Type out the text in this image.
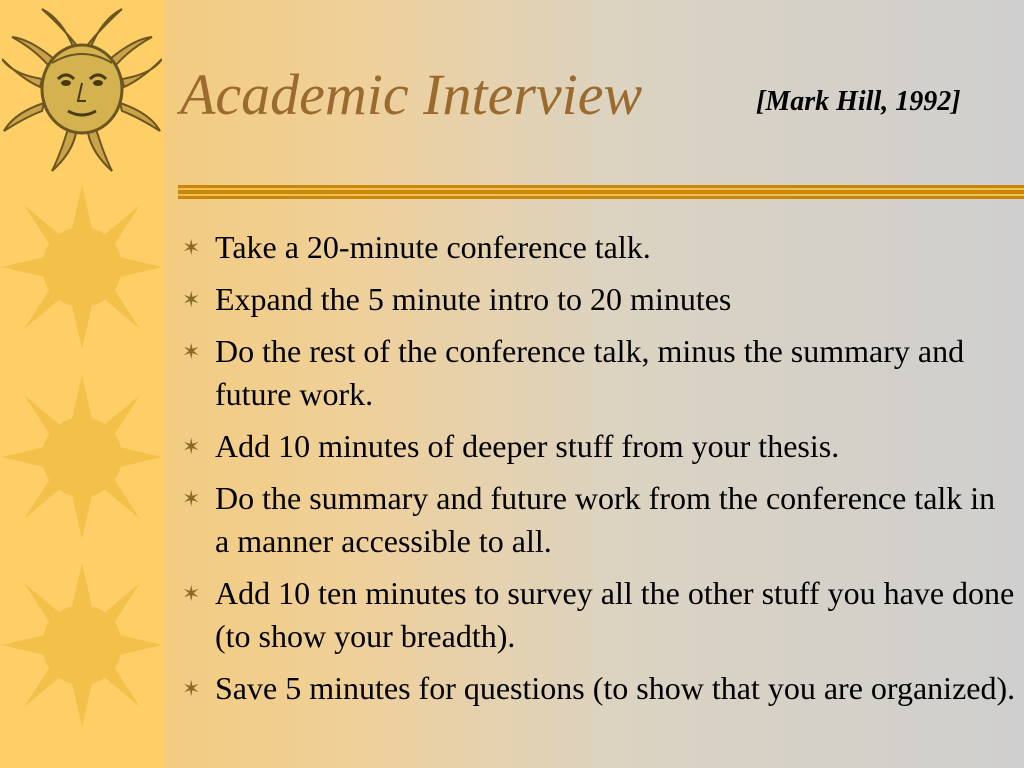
Academic Interview	[Mark Hill, 1992]
✶ Take a 20-minute conference talk.
✶ Expand the 5 minute intro to 20 minutes
✶ Do the rest of the conference talk, minus the summary and future work.
✶ Add 10 minutes of deeper stuff from your thesis.
✶ Do the summary and future work from the conference talk in a manner accessible to all.
✶ Add 10 ten minutes to survey all the other stuff you have done (to show your breadth).
✶ Save 5 minutes for questions (to show that you are organized).
